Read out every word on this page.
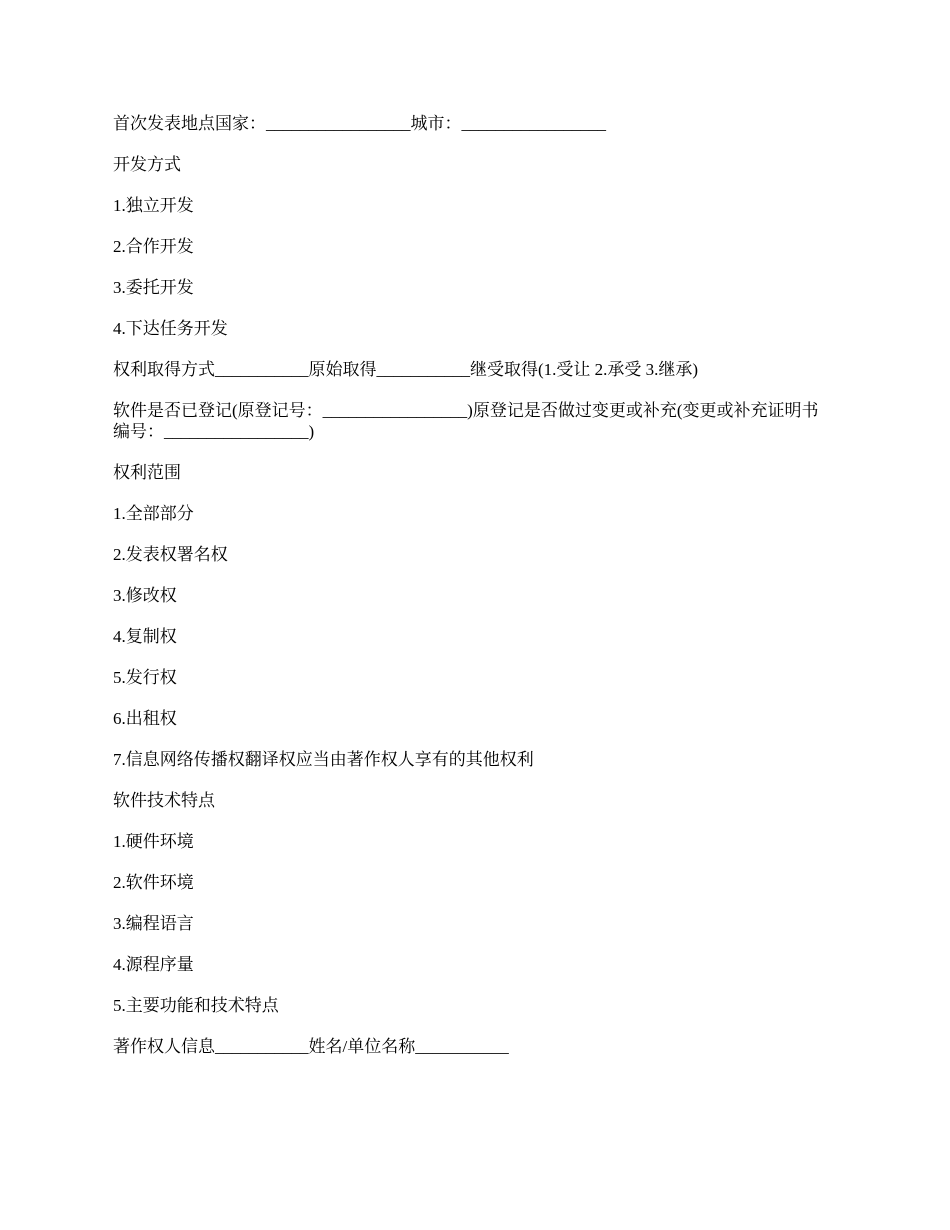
首次发表地点国家：_________________城市：_________________

开发方式

1.独立开发

2.合作开发

3.委托开发

4.下达任务开发

权利取得方式___________原始取得___________继受取得(1.受让 2.承受 3.继承)

软件是否已登记(原登记号：_________________)原登记是否做过变更或补充(变更或补充证明书编号：_________________)

权利范围

1.全部部分

2.发表权署名权

3.修改权

4.复制权

5.发行权

6.出租权

7.信息网络传播权翻译权应当由著作权人享有的其他权利

软件技术特点

1.硬件环境

2.软件环境

3.编程语言

4.源程序量

5.主要功能和技术特点

著作权人信息___________姓名/单位名称___________
